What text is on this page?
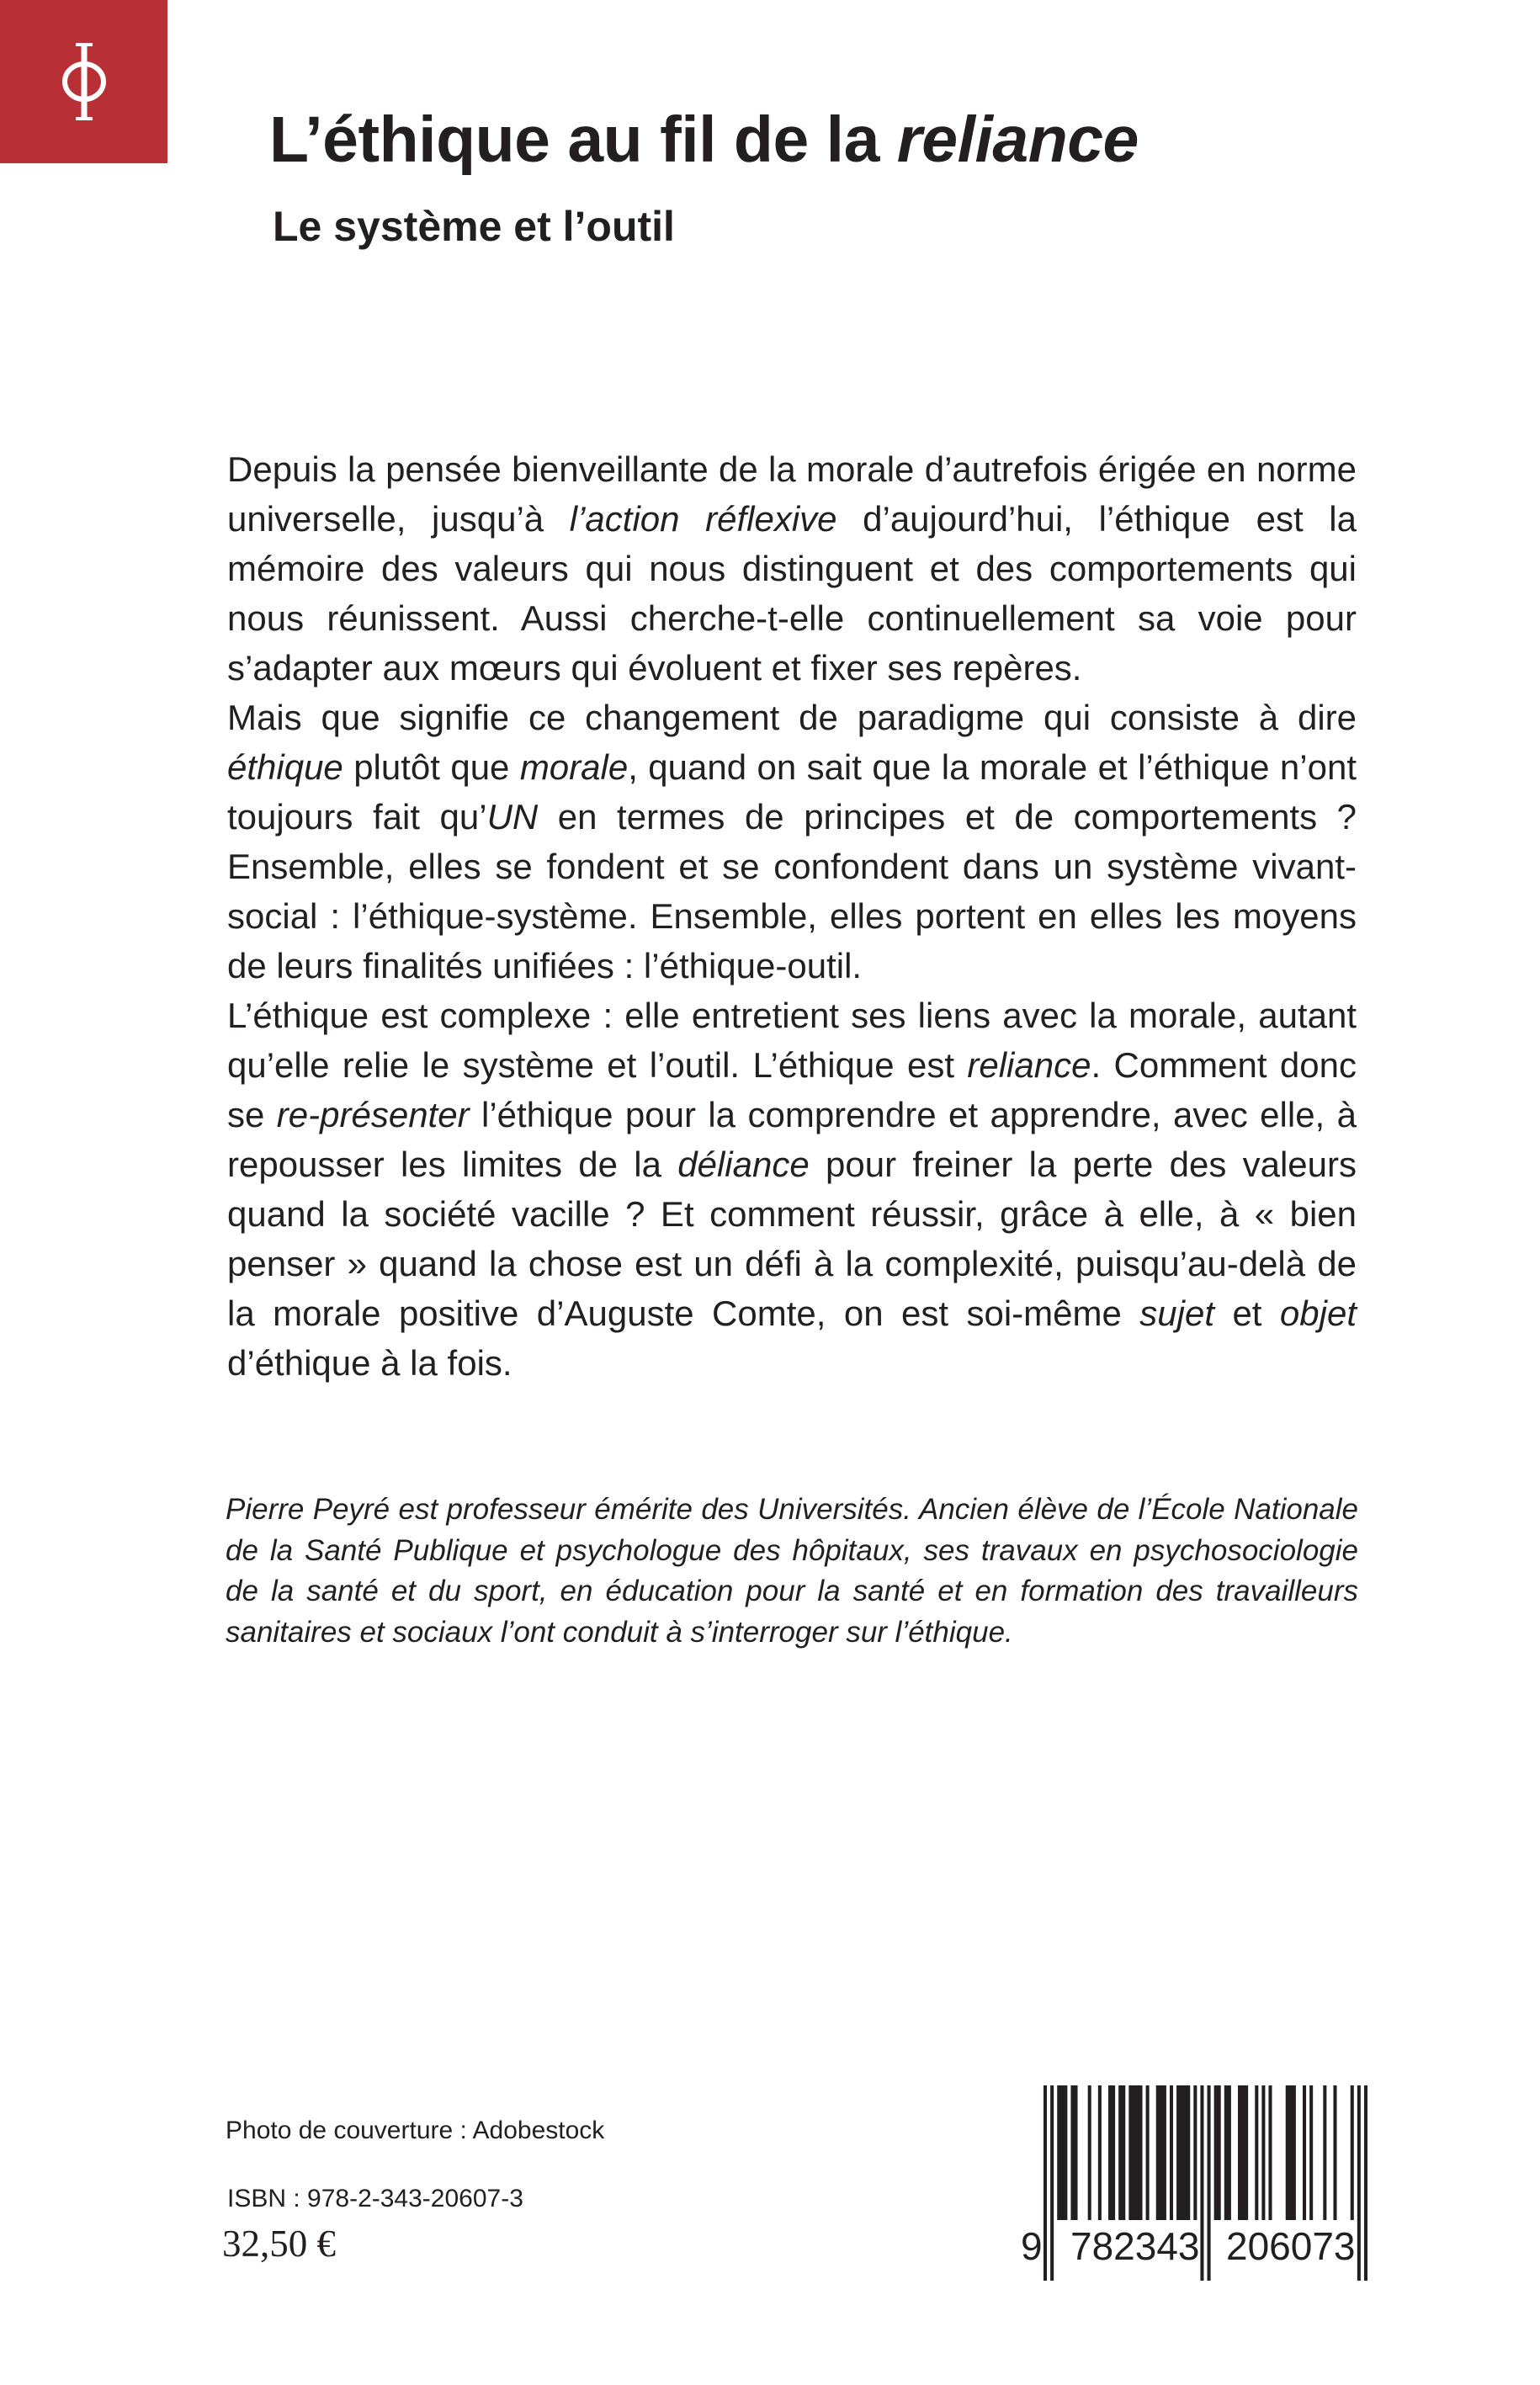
L’éthique au fil de la reliance
Le système et l’outil

Depuis la pensée bienveillante de la morale d’autrefois érigée en norme universelle, jusqu’à l’action réflexive d’aujourd’hui, l’éthique est la mémoire des valeurs qui nous distinguent et des comportements qui nous réunissent. Aussi cherche-t-elle continuellement sa voie pour s’adapter aux mœurs qui évoluent et fixer ses repères.

Mais que signifie ce changement de paradigme qui consiste à dire éthique plutôt que morale, quand on sait que la morale et l’éthique n’ont toujours fait qu’UN en termes de principes et de comportements ? Ensemble, elles se fondent et se confondent dans un système vivant-social : l’éthique-système. Ensemble, elles portent en elles les moyens de leurs finalités unifiées : l’éthique-outil.

L’éthique est complexe : elle entretient ses liens avec la morale, autant qu’elle relie le système et l’outil. L’éthique est reliance. Comment donc se re-présenter l’éthique pour la comprendre et apprendre, avec elle, à repousser les limites de la déliance pour freiner la perte des valeurs quand la société vacille ? Et comment réussir, grâce à elle, à « bien penser » quand la chose est un défi à la complexité, puisqu’au-delà de la morale positive d’Auguste Comte, on est soi-même sujet et objet d’éthique à la fois.

Pierre Peyré est professeur émérite des Universités. Ancien élève de l’École Nationale de la Santé Publique et psychologue des hôpitaux, ses travaux en psychosociologie de la santé et du sport, en éducation pour la santé et en formation des travailleurs sanitaires et sociaux l’ont conduit à s’interroger sur l’éthique.
Photo de couverture : Adobestock
ISBN : 978-2-343-20607-3
32,50 €	9 782343 206073
